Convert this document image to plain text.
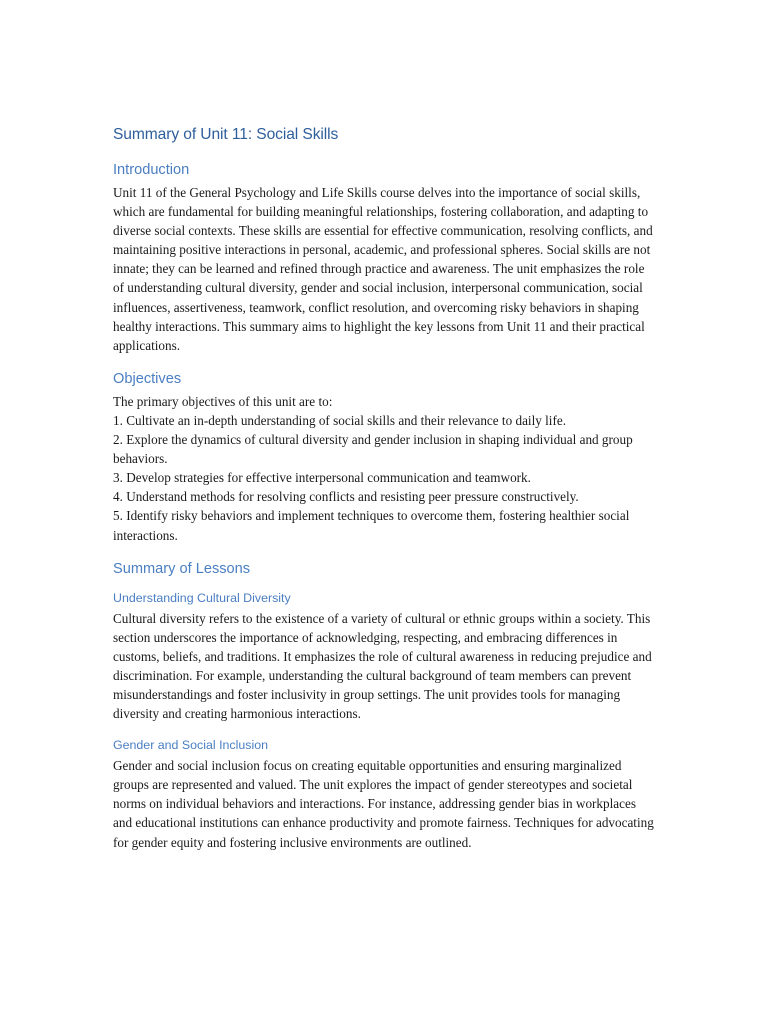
Summary of Unit 11: Social Skills
Introduction

Unit 11 of the General Psychology and Life Skills course delves into the importance of social skills, which are fundamental for building meaningful relationships, fostering collaboration, and adapting to diverse social contexts. These skills are essential for effective communication, resolving conflicts, and maintaining positive interactions in personal, academic, and professional spheres. Social skills are not innate; they can be learned and refined through practice and awareness. The unit emphasizes the role of understanding cultural diversity, gender and social inclusion, interpersonal communication, social influences, assertiveness, teamwork, conflict resolution, and overcoming risky behaviors in shaping healthy interactions. This summary aims to highlight the key lessons from Unit 11 and their practical applications.

Objectives

The primary objectives of this unit are to:

1. Cultivate an in-depth understanding of social skills and their relevance to daily life.
2. Explore the dynamics of cultural diversity and gender inclusion in shaping individual and group behaviors.
3. Develop strategies for effective interpersonal communication and teamwork.
4. Understand methods for resolving conflicts and resisting peer pressure constructively.
5. Identify risky behaviors and implement techniques to overcome them, fostering healthier social interactions.
Summary of Lessons
Understanding Cultural Diversity

Cultural diversity refers to the existence of a variety of cultural or ethnic groups within a society. This section underscores the importance of acknowledging, respecting, and embracing differences in customs, beliefs, and traditions. It emphasizes the role of cultural awareness in reducing prejudice and discrimination. For example, understanding the cultural background of team members can prevent misunderstandings and foster inclusivity in group settings. The unit provides tools for managing diversity and creating harmonious interactions.

Gender and Social Inclusion

Gender and social inclusion focus on creating equitable opportunities and ensuring marginalized groups are represented and valued. The unit explores the impact of gender stereotypes and societal norms on individual behaviors and interactions. For instance, addressing gender bias in workplaces and educational institutions can enhance productivity and promote fairness. Techniques for advocating for gender equity and fostering inclusive environments are outlined.
